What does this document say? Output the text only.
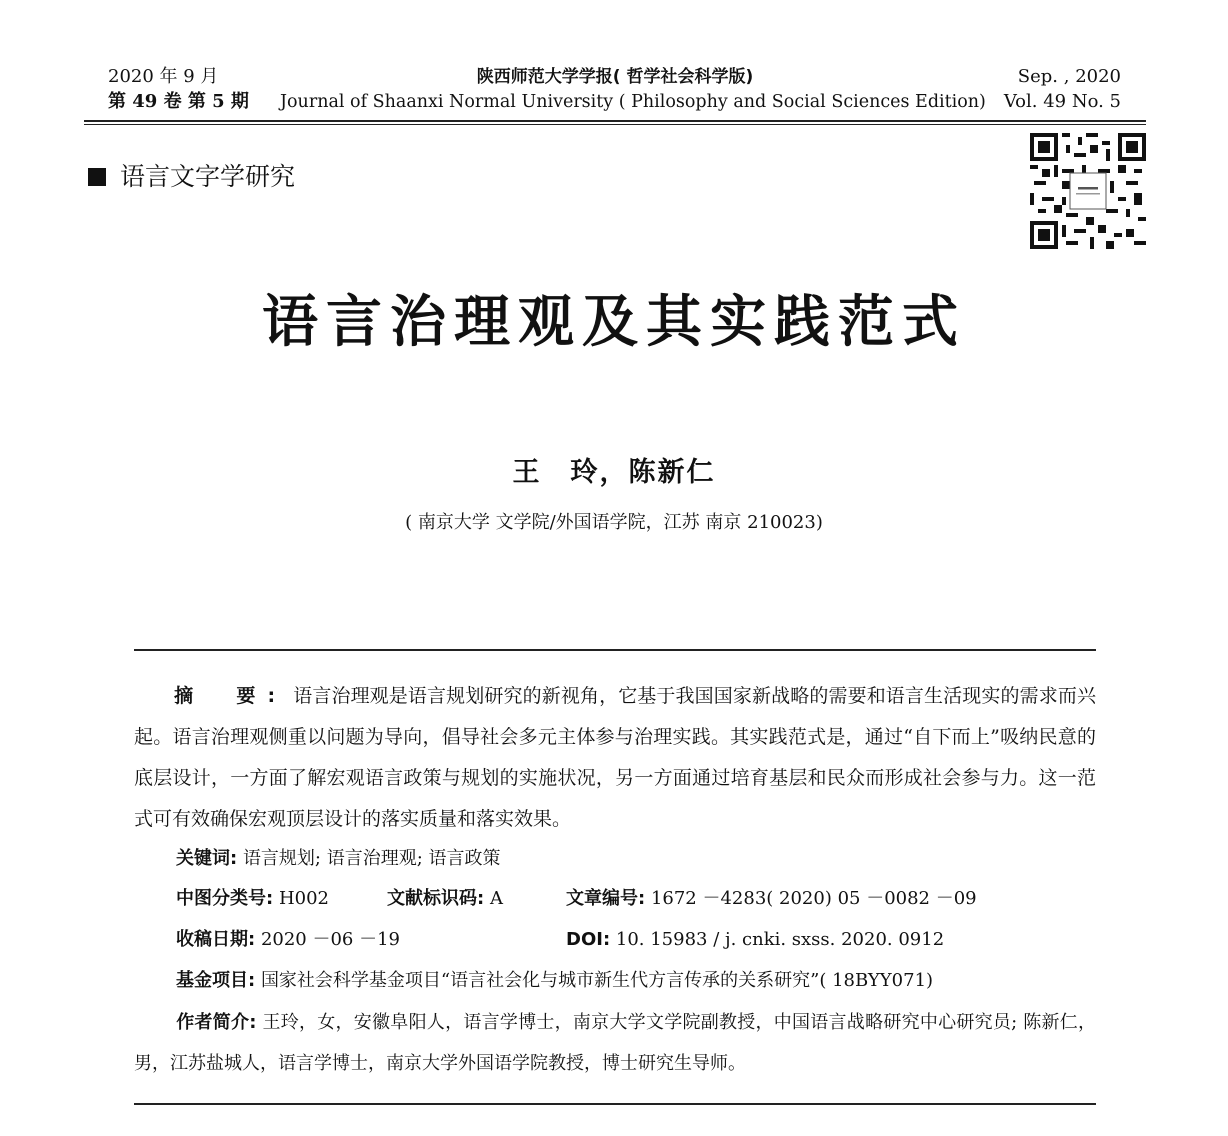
2020 年 9 月
第 49 卷 第 5 期
陕西师范大学学报( 哲学社会科学版)
Journal of Shaanxi Normal University ( Philosophy and Social Sciences Edition)
Sep. , 2020
Vol. 49 No. 5
语言文字学研究
语言治理观及其实践范式
王　玲，陈新仁
( 南京大学 文学院/外国语学院，江苏 南京 210023)
摘　要: 语言治理观是语言规划研究的新视角，它基于我国国家新战略的需要和语言生活现实的需求而兴起。语言治理观侧重以问题为导向，倡导社会多元主体参与治理实践。其实践范式是，通过“自下而上”吸纳民意的底层设计，一方面了解宏观语言政策与规划的实施状况，另一方面通过培育基层和民众而形成社会参与力。这一范式可有效确保宏观顶层设计的落实质量和落实效果。
关键词: 语言规划; 语言治理观; 语言政策
中图分类号: H002	文献标识码: A	文章编号: 1672 －4283( 2020) 05 －0082 －09
收稿日期: 2020 －06 －19	DOI: 10. 15983 / j. cnki. sxss. 2020. 0912
基金项目: 国家社会科学基金项目“语言社会化与城市新生代方言传承的关系研究”( 18BYY071)
作者简介: 王玲，女，安徽阜阳人，语言学博士，南京大学文学院副教授，中国语言战略研究中心研究员; 陈新仁，男，江苏盐城人，语言学博士，南京大学外国语学院教授，博士研究生导师。
